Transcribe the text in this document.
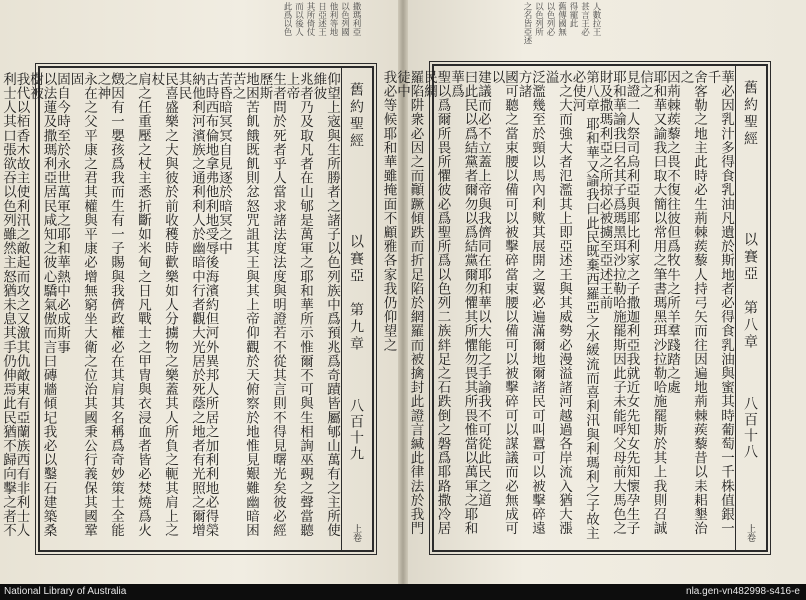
撒瑪利亞
以色列國
他利等地
日亞述王
其所倚仗
而以後人
此爲以色	人數拉王
甚言王必
得寵此
舊傳國無
以色列必
以色列所
之名皆亞述
舊約聖經
以賽亞　第九章
八百十九
上卷
仰望上宼與生所勝者之諸子以色列族中爲預兆爲奇蹟皆屬郇山萬有之主所使維彼
兆者乃及取凡者在山郇是萬軍之耶和華所示惟爾不可與生相詢巫覡之聲當聽上帝
生者問於死者乎人當求諸法度法度與明證若不從其言則不得見曙光矣彼必經歷斯
地困苦飢餓既飢則忿怒咒詛其王與其上帝仰觀於天俯察於地惟見艱難幽暗困苦之
苦昏暗冥冥自見逐於暗冥之中
古時西布倫地拿弗他利地受辱後海濱約但河外異邦人所居之加利利地必得榮
納他利河濱族之通利利人於幽暗中行者觀大光居於死蔭之地者有光照之爾增其民
民喜盛樂之大與彼於前收穫時歡樂如人分擄物之樂蓋其人所負之軛其肩上之杖
肩之任重壓之杖主悉折斷如米甸之日凡戰士之甲冑與衣浸血者皆必焚燒爲火之
燬因有一嬰孩爲我而生有一子賜與我儕政權必在其肩其名稱爲奇妙策士全能之神
永在之父平康之君其權與平康必增無窮坐大衛之位治其國秉公行義保其國鞏固
固自今時至於永世萬軍之耶和華熱中必成斯事
以法蓮及撒瑪利亞居民咸知之彼心驕氣傲而言曰磚牆傾圮我必以鑿石建築桑樹被
我代以栢香木故主使利汛之敵起而攻之又激其仇敵東有亞蘭族西有非利士人
利士人其口張欲吞以色列雖然主怒猶未息其手仍伸焉此民猶不歸向擊之者不	舊約聖經
以賽亞　第八章
八百十八
上卷
華必因乳汁多得食乳油凡遺於斯地者必得食乳油與蜜其時葡萄一千株值銀一千
舍客勒之地主此時必生荊棘蒺藜人持弓矢而往因遍地荊棘蒺藜昔以耒耜墾治之
因荊棘蒺藜之畏不復往彼但爲牧牛之所羊羣踐踏之處
耶和華又諭我曰取大簡以常用之筆書瑪黑珥沙拉勒哈施罷斯於其上我則召誠信之
見證二人祭司烏利亞與耶比利家之子撒迦利亞我就近女先知女先知懷孕生子
耶和華諭我曰名其子爲瑪黑珥沙拉勒哈施罷斯因此子未能呼父母前大馬色之
財及撒瑪利亞之所掠必被擄至亞述王前
第八章 耶和華又諭我曰此民既棄西羅亞之水緩流而喜利汛與利瑪利之子故主必使河
水之大而強大者氾濫其上即亞述王與其威勢必漫溢諸河越過各岸流入猶大漲溢
泛濫幾至於頸以馬內利歟其展開之翼必遍滿爾地爾諸民可叫囂可以被擊碎遠方諸
國可聽之當束腰以備可以被擊碎當束腰以備可以被擊碎可以謀議而必無成可以
建議而必不立蓋上帝與我儕同在耶和華以大能之手諭我不可從此民之道
曰此民以爲結黨者爾勿以爲結黨爾勿懼其所懼勿畏其所畏惟當以萬軍之耶和華爲
聖以爲爾所畏所懼彼必爲聖所爲以色列二族絆足之石跌倒之磐爲耶路撒冷居民網
羅陷阱衆必因之而顚蹶傾跌而折足陷於網羅而被擒封此證言緘此律法於我門徒中
我必等候耶和華雖掩面不顧雅各家我仍仰望之
National Library of Australia	nla.gen-vn482998-s416-e
